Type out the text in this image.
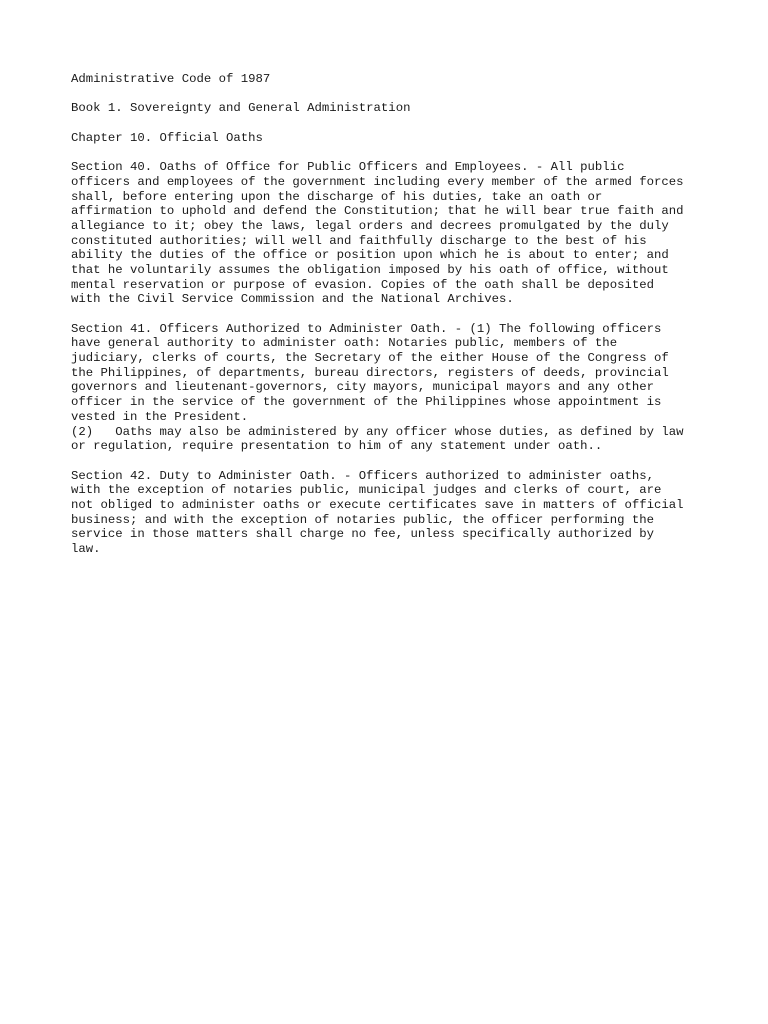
Administrative Code of 1987
Book 1. Sovereignty and General Administration
Chapter 10. Official Oaths
Section 40. Oaths of Office for Public Officers and Employees. - All public
officers and employees of the government including every member of the armed forces
shall, before entering upon the discharge of his duties, take an oath or
affirmation to uphold and defend the Constitution; that he will bear true faith and
allegiance to it; obey the laws, legal orders and decrees promulgated by the duly
constituted authorities; will well and faithfully discharge to the best of his
ability the duties of the office or position upon which he is about to enter; and
that he voluntarily assumes the obligation imposed by his oath of office, without
mental reservation or purpose of evasion. Copies of the oath shall be deposited
with the Civil Service Commission and the National Archives.
Section 41. Officers Authorized to Administer Oath. - (1) The following officers
have general authority to administer oath: Notaries public, members of the
judiciary, clerks of courts, the Secretary of the either House of the Congress of
the Philippines, of departments, bureau directors, registers of deeds, provincial
governors and lieutenant-governors, city mayors, municipal mayors and any other
officer in the service of the government of the Philippines whose appointment is
vested in the President.
(2)   Oaths may also be administered by any officer whose duties, as defined by law
or regulation, require presentation to him of any statement under oath..
Section 42. Duty to Administer Oath. - Officers authorized to administer oaths,
with the exception of notaries public, municipal judges and clerks of court, are
not obliged to administer oaths or execute certificates save in matters of official
business; and with the exception of notaries public, the officer performing the
service in those matters shall charge no fee, unless specifically authorized by
law.
